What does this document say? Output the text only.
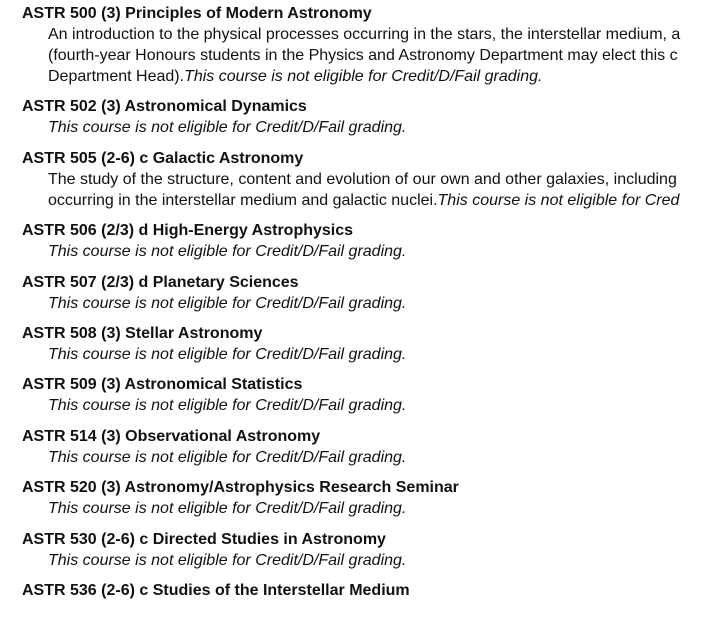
ASTR 500 (3) Principles of Modern Astronomy
An introduction to the physical processes occurring in the stars, the interstellar medium, a
(fourth-year Honours students in the Physics and Astronomy Department may elect this c
Department Head).This course is not eligible for Credit/D/Fail grading.
ASTR 502 (3) Astronomical Dynamics
This course is not eligible for Credit/D/Fail grading.
ASTR 505 (2-6) c Galactic Astronomy
The study of the structure, content and evolution of our own and other galaxies, including
occurring in the interstellar medium and galactic nuclei.This course is not eligible for Cred
ASTR 506 (2/3) d High-Energy Astrophysics
This course is not eligible for Credit/D/Fail grading.
ASTR 507 (2/3) d Planetary Sciences
This course is not eligible for Credit/D/Fail grading.
ASTR 508 (3) Stellar Astronomy
This course is not eligible for Credit/D/Fail grading.
ASTR 509 (3) Astronomical Statistics
This course is not eligible for Credit/D/Fail grading.
ASTR 514 (3) Observational Astronomy
This course is not eligible for Credit/D/Fail grading.
ASTR 520 (3) Astronomy/Astrophysics Research Seminar
This course is not eligible for Credit/D/Fail grading.
ASTR 530 (2-6) c Directed Studies in Astronomy
This course is not eligible for Credit/D/Fail grading.
ASTR 536 (2-6) c Studies of the Interstellar Medium
